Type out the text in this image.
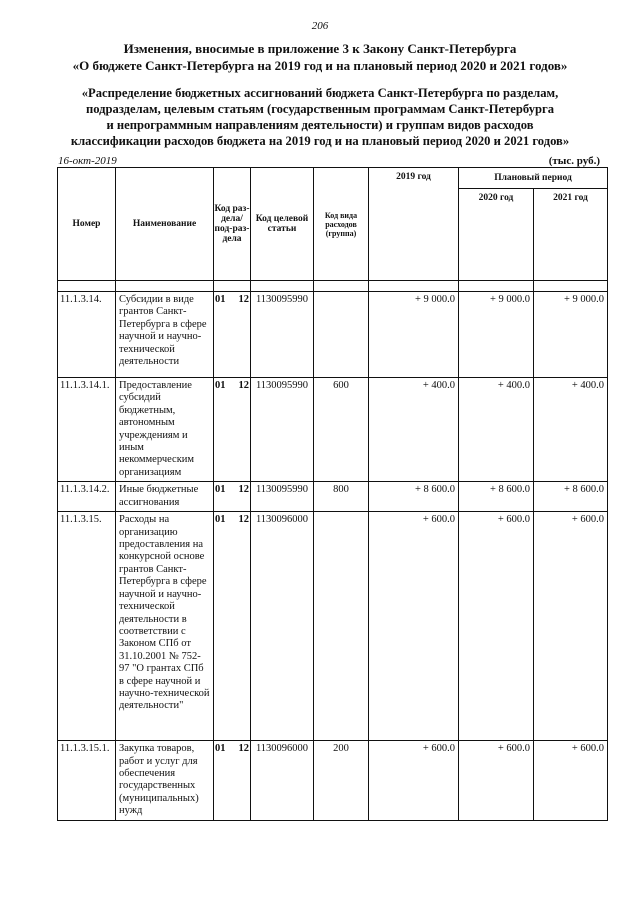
206
Изменения, вносимые в приложение 3 к Закону Санкт-Петербурга
«О бюджете Санкт-Петербурга на 2019 год и на плановый период 2020 и 2021 годов»
«Распределение бюджетных ассигнований бюджета Санкт-Петербурга по разделам,
подразделам, целевым статьям (государственным программам Санкт-Петербурга
и непрограммным направлениям деятельности) и группам видов расходов
классификации расходов бюджета на 2019 год и на плановый период 2020 и 2021 годов»
16-окт-2019	(тыс. руб.)
Номер	Наименование	Код раз-дела/ под-раз-дела	Код целевой статьи	Код вида расходов (группа)	2019 год	Плановый период	
						2020 год	2021 год

11.1.3.14.	Субсидии в виде грантов Санкт-Петербурга в сфере научной и научно-технической деятельности	01 12	1130095990		+ 9 000.0	+ 9 000.0	+ 9 000.0
11.1.3.14.1.	Предоставление субсидий бюджетным, автономным учреждениям и иным некоммерческим организациям	01 12	1130095990	600	+ 400.0	+ 400.0	+ 400.0
11.1.3.14.2.	Иные бюджетные ассигнования	01 12	1130095990	800	+ 8 600.0	+ 8 600.0	+ 8 600.0
11.1.3.15.	Расходы на организацию предоставления на конкурсной основе грантов Санкт-Петербурга в сфере научной и научно-технической деятельности в соответствии с Законом СПб от 31.10.2001 № 752-97 "О грантах СПб в сфере научной и научно-технической деятельности"	01 12	1130096000		+ 600.0	+ 600.0	+ 600.0
11.1.3.15.1.	Закупка товаров, работ и услуг для обеспечения государственных (муниципальных) нужд	01 12	1130096000	200	+ 600.0	+ 600.0	+ 600.0
